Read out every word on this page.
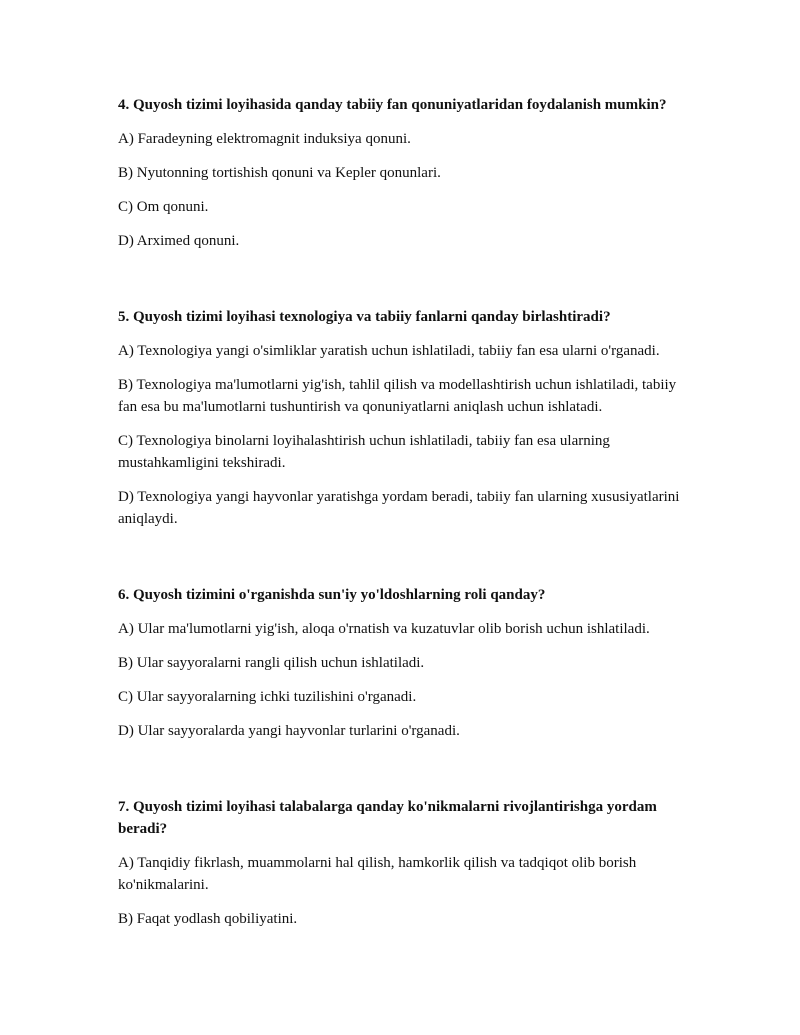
4. Quyosh tizimi loyihasida qanday tabiiy fan qonuniyatlaridan foydalanish mumkin?

A) Faradeyning elektromagnit induksiya qonuni.

B) Nyutonning tortishish qonuni va Kepler qonunlari.

C) Om qonuni.

D) Arximed qonuni.

5. Quyosh tizimi loyihasi texnologiya va tabiiy fanlarni qanday birlashtiradi?

A) Texnologiya yangi o'simliklar yaratish uchun ishlatiladi, tabiiy fan esa ularni o'rganadi.

B) Texnologiya ma'lumotlarni yig'ish, tahlil qilish va modellashtirish uchun ishlatiladi, tabiiy fan esa bu ma'lumotlarni tushuntirish va qonuniyatlarni aniqlash uchun ishlatadi.

C) Texnologiya binolarni loyihalashtirish uchun ishlatiladi, tabiiy fan esa ularning mustahkamligini tekshiradi.

D) Texnologiya yangi hayvonlar yaratishga yordam beradi, tabiiy fan ularning xususiyatlarini aniqlaydi.

6. Quyosh tizimini o'rganishda sun'iy yo'ldoshlarning roli qanday?

A) Ular ma'lumotlarni yig'ish, aloqa o'rnatish va kuzatuvlar olib borish uchun ishlatiladi.

B) Ular sayyoralarni rangli qilish uchun ishlatiladi.

C) Ular sayyoralarning ichki tuzilishini o'rganadi.

D) Ular sayyoralarda yangi hayvonlar turlarini o'rganadi.

7. Quyosh tizimi loyihasi talabalarga qanday ko'nikmalarni rivojlantirishga yordam beradi?

A) Tanqidiy fikrlash, muammolarni hal qilish, hamkorlik qilish va tadqiqot olib borish ko'nikmalarini.

B) Faqat yodlash qobiliyatini.
